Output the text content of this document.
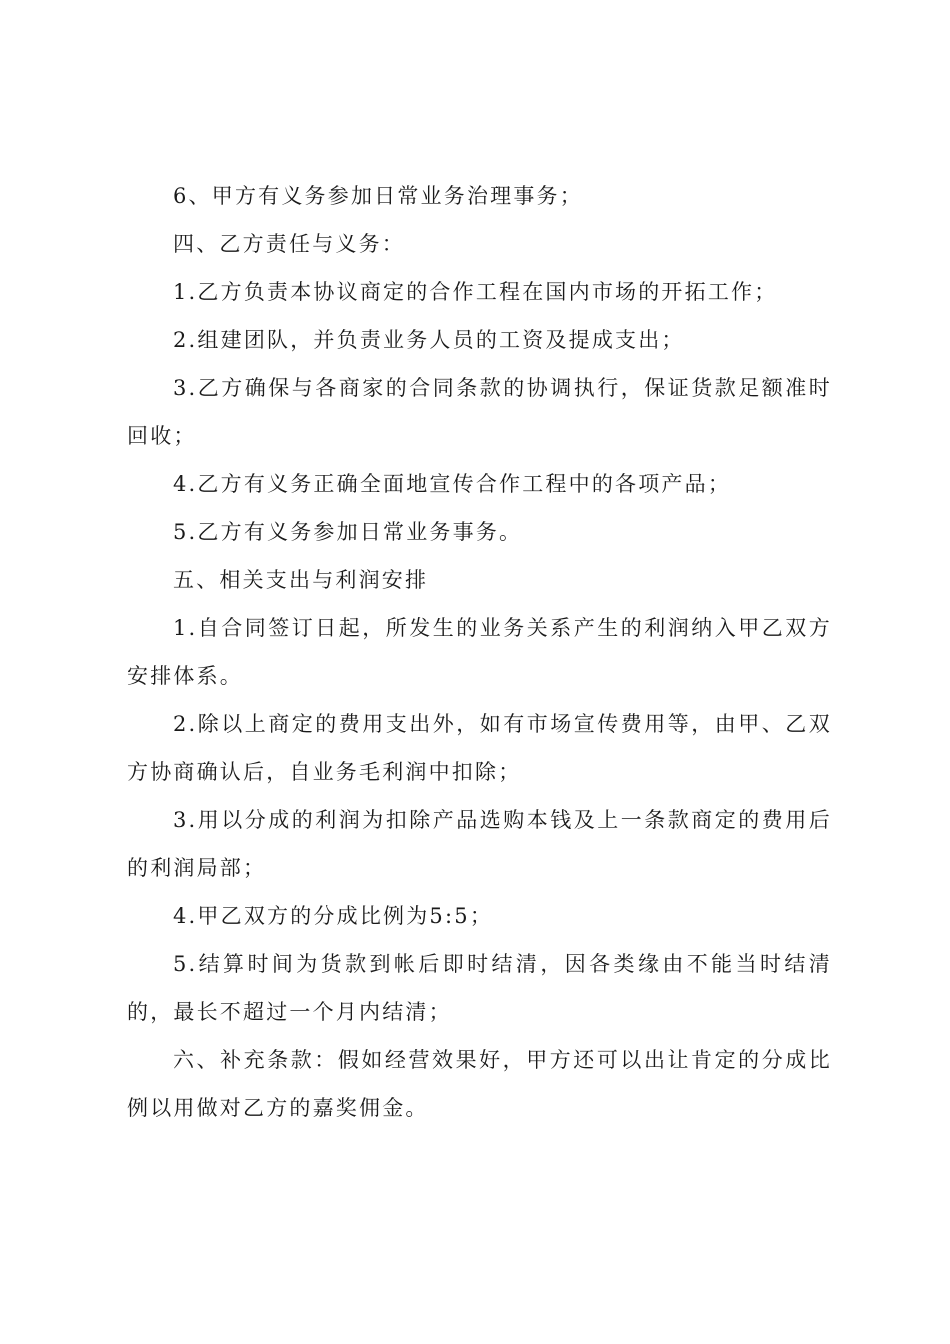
6、甲方有义务参加日常业务治理事务；

四、乙方责任与义务：

1.乙方负责本协议商定的合作工程在国内市场的开拓工作；

2.组建团队，并负责业务人员的工资及提成支出；

3.乙方确保与各商家的合同条款的协调执行，保证货款足额准时回收；

4.乙方有义务正确全面地宣传合作工程中的各项产品；

5.乙方有义务参加日常业务事务。

五、相关支出与利润安排

1.自合同签订日起，所发生的业务关系产生的利润纳入甲乙双方安排体系。

2.除以上商定的费用支出外，如有市场宣传费用等，由甲、乙双方协商确认后，自业务毛利润中扣除；

3.用以分成的利润为扣除产品选购本钱及上一条款商定的费用后的利润局部；

4.甲乙双方的分成比例为5:5；

5.结算时间为货款到帐后即时结清，因各类缘由不能当时结清的，最长不超过一个月内结清；

六、补充条款：假如经营效果好，甲方还可以出让肯定的分成比例以用做对乙方的嘉奖佣金。
